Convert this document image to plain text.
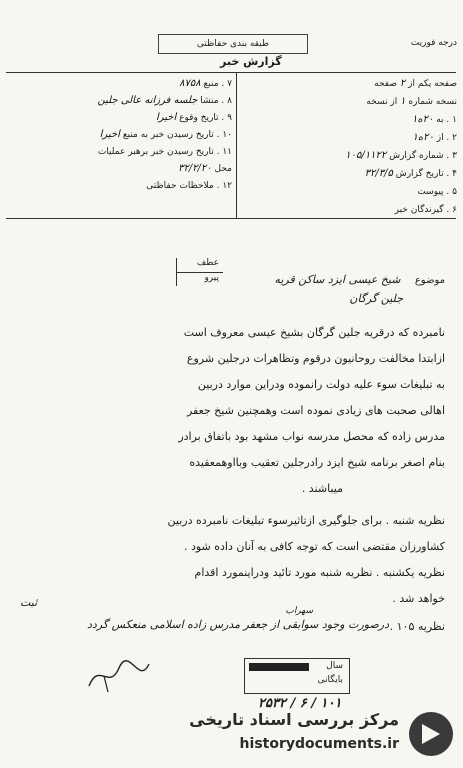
طبقه بندی حفاظتی
گزارش خبر
درجه فوریت
صفحه یکم از ۲ صفحه
نسخه شماره ۱ از نسخه
۱ . به ۲۰ه۱
۲ . از ۲۰ه۱
۳ . شماره گزارش ۱۰۵/۱۱۲۲
۴ . تاریخ گزارش ۳۲/۳/۵
۵ . پیوست
۶ . گیرندگان خبر
۷ . منبع ۸۷۵۸
۸ . منشا جلسه فرزانه عالی جلین
۹ . تاریخ وقوع اخیرا
۱۰ . تاریخ رسیدن خبر به منبع اخیرا
۱۱ . تاریخ رسیدن خبر برهبر عملیات
محل ۳۲/۲/۲۰
۱۲ . ملاحظات حفاظتی
عطف
پیرو	موضوع  شیخ عیسی ایزد ساکن قریه
جلین گرگان
نامبرده که درقریه جلین گرگان بشیخ عیسی معروف است
ازابتدا مخالفت روحانیون درقوم وتظاهرات درجلین شروع
به تبلیغات سوء علیه دولت رانموده ودراین موارد دربین
اهالی صحبت های زیادی نموده است وهمچنین شیخ جعفر
مدرس زاده که محصل مدرسه نواب مشهد بود باتفاق برادر
بنام اصغر برنامه شیخ ایزد رادرجلین تعقیب وبااوهمعقیده
میباشند .
نظریه شنبه . برای جلوگیری ازتاثیرسوء تبلیغات نامبرده دربین
کشاورزان مقتضی است که توجه کافی به آنان داده شود .
نظریه یکشنبه . نظریه شنبه مورد تائید ودراینمورد اقدام
خواهد شد .
نظریه ۱۰۵ .
سهراب
درصورت وجود سوابقی از جعفر مدرس زاده اسلامی منعکس گردد
ثبت
سال
بایگانی
۲۵۳۲ / ۶ / ۱۰۱
مرکز بررسی اسناد تاریخی
historydocuments.ir
